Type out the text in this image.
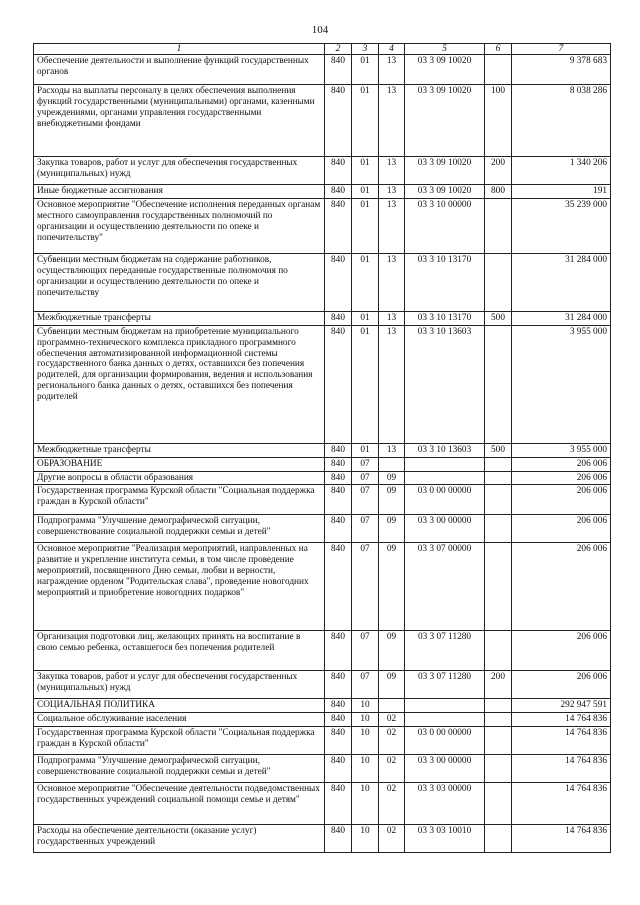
104
1	2	3	4	5	6	7
Обеспечение деятельности и выполнение функций государственных органов	840	01	13	03 3 09 10020		9 378 683
Расходы на выплаты персоналу в целях обеспечения выполнения функций государственными (муниципальными) органами, казенными учреждениями, органами управления государственными внебюджетными фондами	840	01	13	03 3 09 10020	100	8 038 286
Закупка товаров, работ и услуг для обеспечения государственных (муниципальных) нужд	840	01	13	03 3 09 10020	200	1 340 206
Иные бюджетные ассигнования	840	01	13	03 3 09 10020	800	191
Основное мероприятие "Обеспечение исполнения переданных органам местного самоуправления государственных полномочий по организации и осуществлению деятельности по опеке и попечительству"	840	01	13	03 3 10 00000		35 239 000
Субвенции местным бюджетам на содержание работников, осуществляющих переданные государственные полномочия по организации и осуществлению деятельности по опеке и попечительству	840	01	13	03 3 10 13170		31 284 000
Межбюджетные трансферты	840	01	13	03 3 10 13170	500	31 284 000
Субвенции местным бюджетам на приобретение муниципального программно-технического комплекса прикладного программного обеспечения автоматизированной информационной системы государственного банка данных о детях, оставшихся без попечения родителей, для организации формирования, ведения и использования регионального банка данных о детях, оставшихся без попечения родителей	840	01	13	03 3 10 13603		3 955 000
Межбюджетные трансферты	840	01	13	03 3 10 13603	500	3 955 000
ОБРАЗОВАНИЕ	840	07				206 006
Другие вопросы в области образования	840	07	09			206 006
Государственная программа Курской области "Социальная поддержка граждан в Курской области"	840	07	09	03 0 00 00000		206 006
Подпрограмма "Улучшение демографической ситуации, совершенствование социальной поддержки семьи и детей"	840	07	09	03 3 00 00000		206 006
Основное мероприятие "Реализация мероприятий, направленных на развитие и укрепление института семьи, в том числе проведение мероприятий, посвященного Дню семьи, любви и верности, награждение орденом "Родительская слава", проведение новогодних мероприятий и приобретение новогодних подарков"	840	07	09	03 3 07 00000		206 006
Организация подготовки лиц, желающих принять на воспитание в свою семью ребенка, оставшегося без попечения родителей	840	07	09	03 3 07 11280		206 006
Закупка товаров, работ и услуг для обеспечения государственных (муниципальных) нужд	840	07	09	03 3 07 11280	200	206 006
СОЦИАЛЬНАЯ ПОЛИТИКА	840	10				292 947 591
Социальное обслуживание населения	840	10	02			14 764 836
Государственная программа Курской области "Социальная поддержка граждан в Курской области"	840	10	02	03 0 00 00000		14 764 836
Подпрограмма "Улучшение демографической ситуации, совершенствование социальной поддержки семьи и детей"	840	10	02	03 3 00 00000		14 764 836
Основное мероприятие "Обеспечение деятельности подведомственных государственных учреждений социальной помощи семье и детям"	840	10	02	03 3 03 00000		14 764 836
Расходы на обеспечение деятельности (оказание услуг) государственных учреждений	840	10	02	03 3 03 10010		14 764 836
